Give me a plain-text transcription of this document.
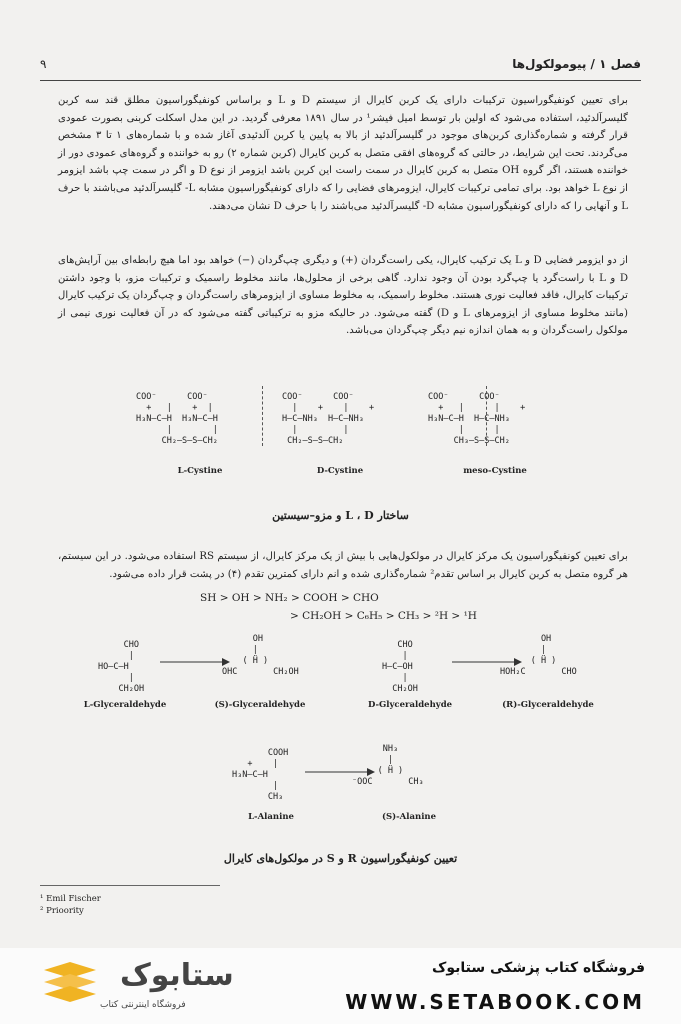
۹	فصل ۱ / پیومولکول‌ها

برای تعیین کونفیگوراسیون ترکیبات دارای یک کربن کایرال از سیستم D و L و براساس کونفیگوراسیون مطلق قند سه کربن گلیسرآلدئید، استفاده می‌شود که اولین بار توسط امیل فیشر¹ در سال ۱۸۹۱ معرفی گردید. در این مدل اسکلت کربنی بصورت عمودی قرار گرفته و شماره‌گذاری کربن‌های موجود در گلیسرآلدئید از بالا به پایین یا کربن آلدئیدی آغاز شده و با شماره‌های ۱ تا ۳ مشخص می‌گردند. تحت این شرایط، در حالتی که گروه‌های افقی متصل به کربن کایرال (کربن شماره ۲) رو به خواننده و گروه‌های عمودی دور از خواننده هستند، اگر گروه OH متصل به کربن کایرال در سمت راست این کربن باشد ایزومر از نوع D و اگر در سمت چپ باشد ایزومر از نوع L خواهد بود. برای تمامی ترکیبات کایرال، ایزومرهای فضایی را که دارای کونفیگوراسیون مشابه L- گلیسرآلدئید می‌باشند با حرف L و آنهایی را که دارای کونفیگوراسیون مشابه D- گلیسرآلدئید می‌باشند را با حرف D نشان می‌دهند.

از دو ایزومر فضایی D و L یک ترکیب کایرال، یکی راست‌گردان (+) و دیگری چپ‌گردان (−) خواهد بود اما هیچ رابطه‌ای بین آرایش‌های D و L با راست‌گرد یا چپ‌گرد بودن آن وجود ندارد. گاهی برخی از محلول‌ها، مانند مخلوط راسمیک و ترکیبات مزو، با وجود داشتن ترکیبات کایرال، فاقد فعالیت نوری هستند. مخلوط راسمیک، به مخلوط مساوی از ایزومرهای راست‌گردان و چپ‌گردان یک ترکیب کایرال (مانند مخلوط مساوی از ایزومرهای L و D) گفته می‌شود. در حالیکه مزو به ترکیباتی گفته می‌شود که در آن فعالیت نوری نیمی از مولکول راست‌گردان و به همان اندازه نیم دیگر چپ‌گردان می‌باشد.

COO⁻      COO⁻
+   |    +  |
H₃N—C—H  H₃N—C—H
|        |
CH₂—S—S—CH₂
COO⁻      COO⁻
|    +    |    +
H—C—NH₃  H—C—NH₃
|         |
CH₂—S—S—CH₂
COO⁻      COO⁻
+   |      |    +
H₃N—C—H  H—C—NH₃
|      |
CH₃—S—S—CH₂
L-Cystine	D-Cystine	meso-Cystine
ساختار L ، D و مزو–سیستین

برای تعیین کونفیگوراسیون یک مرکز کایرال در مولکول‌هایی با بیش از یک مرکز کایرال، از سیستم RS استفاده می‌شود. در این سیستم، هر گروه متصل به کربن کایرال بر اساس تقدم² شماره‌گذاری شده و انم دارای کمترین تقدم (۴) در پشت قرار داده می‌شود.

SH > OH > NH₂ > COOH > CHO
> CH₂OH > C₆H₅ > CH₃ > ²H > ¹H
CHO
|
HO—C—H
|
CH₂OH
OH
|
( Ḧ )
OHC       CH₂OH
CHO
|
H—C—OH
|
CH₂OH
OH
|
( Ḧ )
HOH₂C       CHO
L-Glyceraldehyde	(S)-Glyceraldehyde	D-Glyceraldehyde	(R)-Glyceraldehyde
COOH
+    |
H₃N—C—H
|
CH₃
NH₃
|
( Ḧ )
⁻OOC       CH₃
L-Alanine	(S)-Alanine
تعیین کونفیگوراسیون R و S در مولکول‌های کایرال
¹ Emil Fischer
² Prioority
ستابوک
فروشگاه اینترنتی کتاب
فروشگاه کتاب پزشکی ستابوک
WWW.SETABOOK.COM
